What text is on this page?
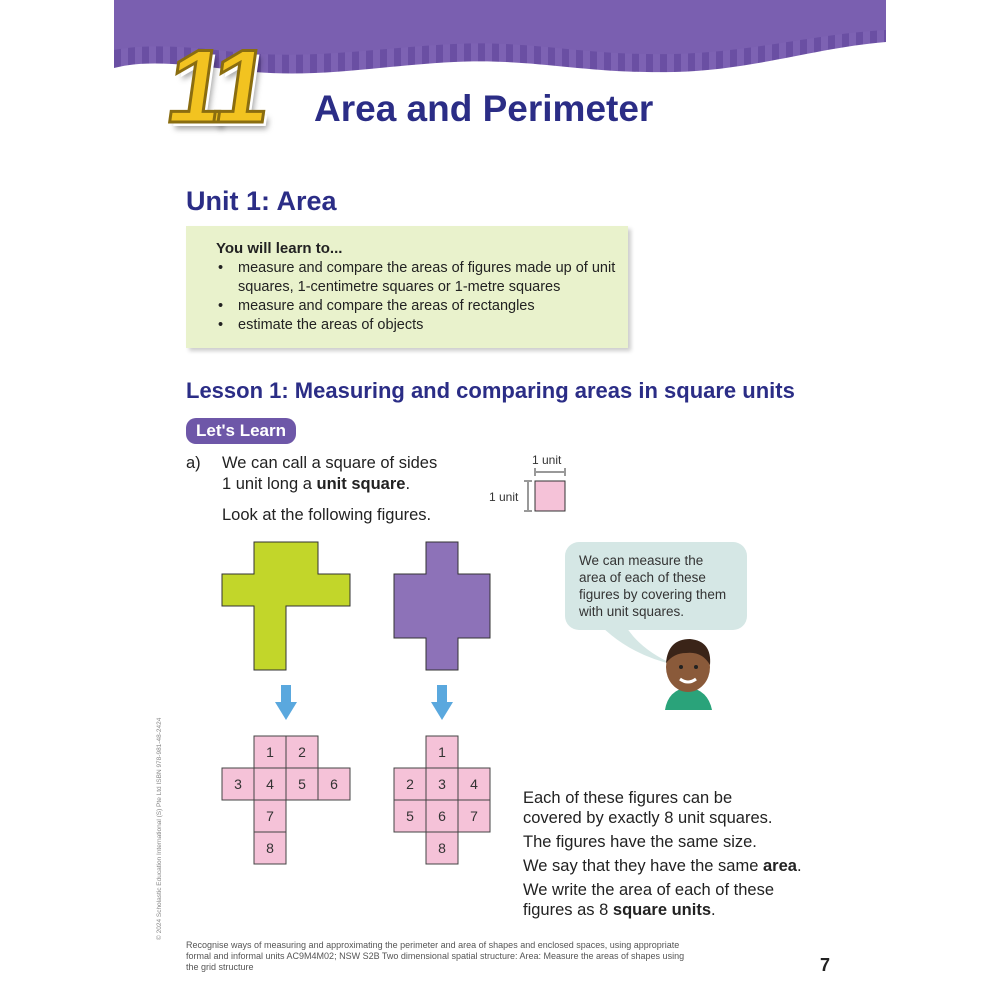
11 Area and Perimeter
Unit 1: Area
You will learn to...
• measure and compare the areas of figures made up of unit squares, 1-centimetre squares or 1-metre squares
• measure and compare the areas of rectangles
• estimate the areas of objects
Lesson 1: Measuring and comparing areas in square units
Let's Learn
a) We can call a square of sides
1 unit long a unit square.
Look at the following figures.
1 unit
1 unit
1 2
3 4 5 6
7
8
1
2 3 4
5 6 7
8
We can measure the area of each of these figures by covering them with unit squares.

Each of these figures can be

covered by exactly 8 unit squares.

The figures have the same size.

We say that they have the same area.

We write the area of each of these

figures as 8 square units.

Recognise ways of measuring and approximating the perimeter and area of shapes and enclosed spaces, using appropriate formal and informal units AC9M4M02; NSW S2B Two dimensional spatial structure: Area: Measure the areas of shapes using the grid structure	7
© 2024 Scholastic Education International (S) Pte Ltd ISBN 978-981-48-2424
